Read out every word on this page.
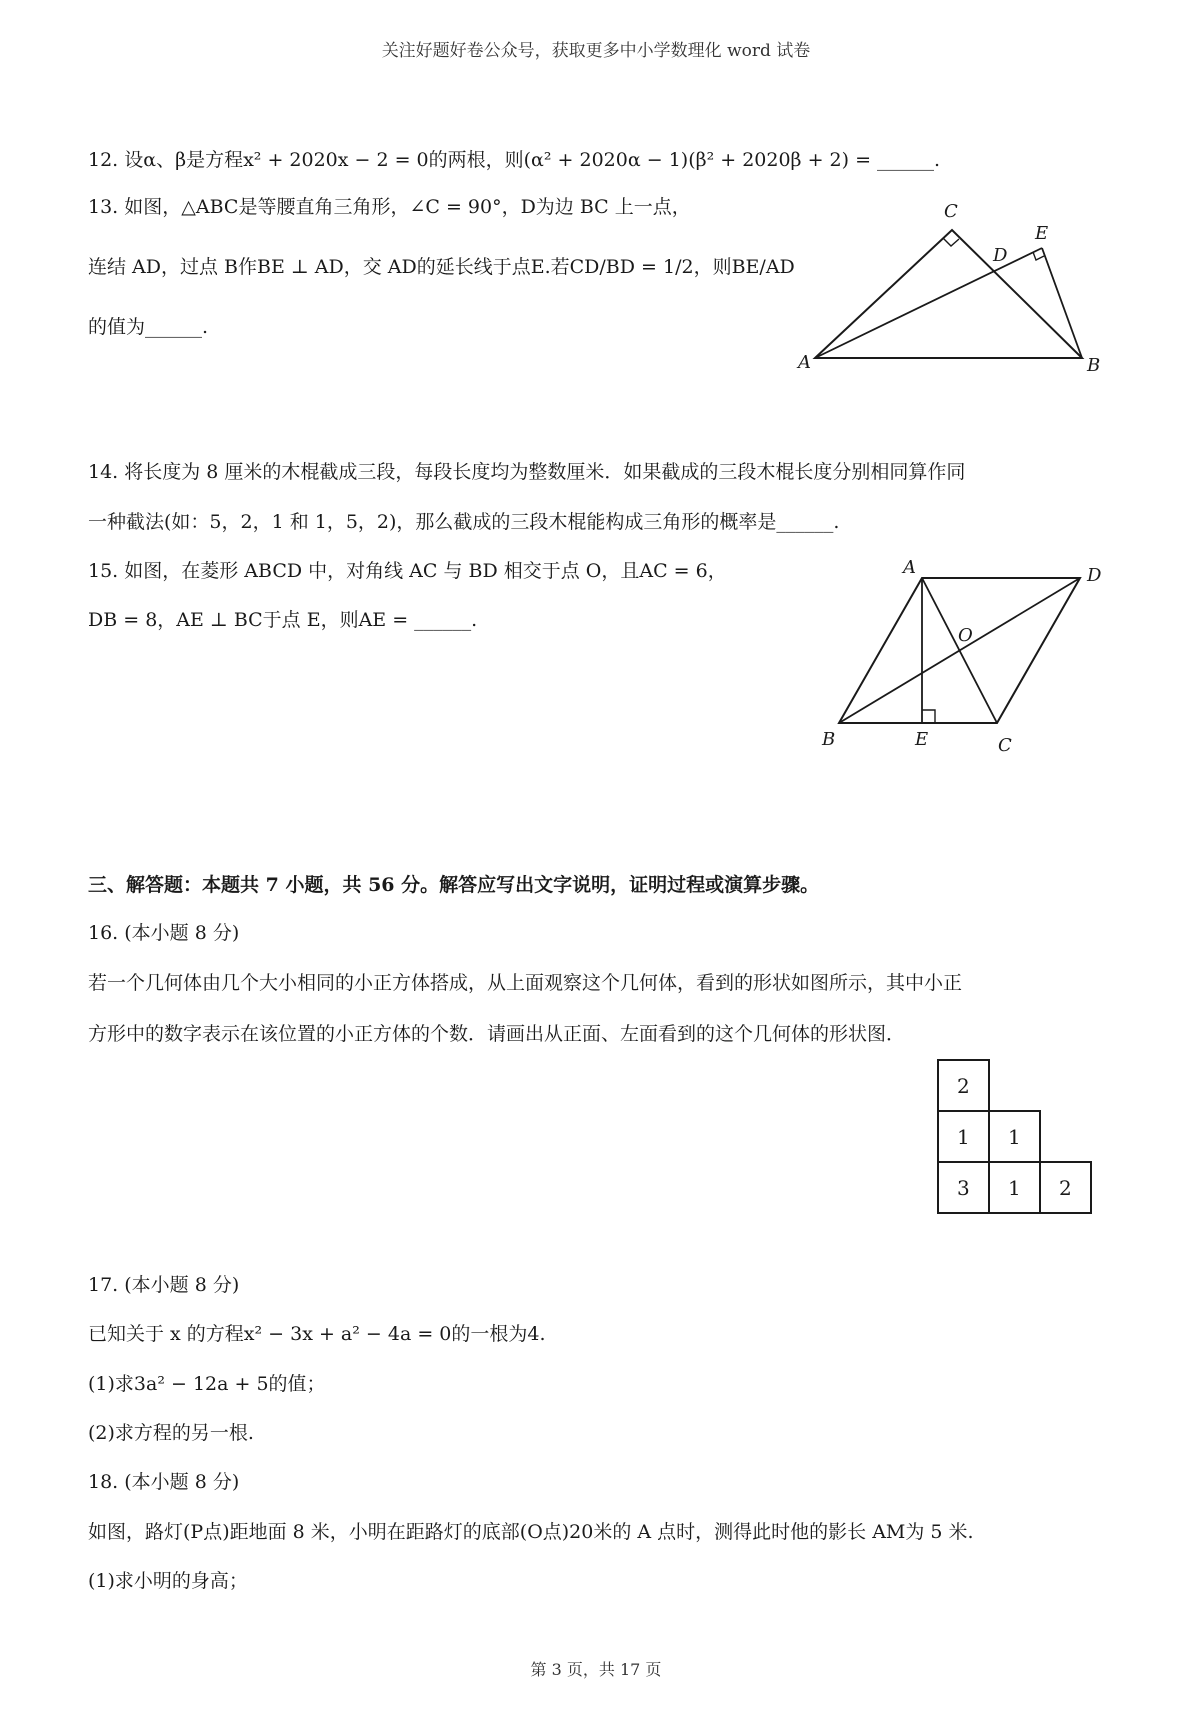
关注好题好卷公众号，获取更多中小学数理化 word 试卷
12. 设α、β是方程x² + 2020x − 2 = 0的两根，则(α² + 2020α − 1)(β² + 2020β + 2) = ______.
13. 如图，△ABC是等腰直角三角形，∠C = 90°，D为边 BC 上一点，
连结 AD，过点 B作BE ⊥ AD，交 AD的延长线于点E.若CD/BD = 1/2，则BE/AD
的值为______.
C
D
E
A	B
14. 将长度为 8 厘米的木棍截成三段，每段长度均为整数厘米．如果截成的三段木棍长度分别相同算作同
一种截法(如：5，2，1 和 1，5，2)，那么截成的三段木棍能构成三角形的概率是______.
15. 如图，在菱形 ABCD 中，对角线 AC 与 BD 相交于点 O，且AC = 6，
DB = 8，AE ⊥ BC于点 E，则AE = ______.
A	D
O
B	E	C
三、解答题：本题共 7 小题，共 56 分。解答应写出文字说明，证明过程或演算步骤。
16. (本小题 8 分)
若一个几何体由几个大小相同的小正方体搭成，从上面观察这个几何体，看到的形状如图所示，其中小正
方形中的数字表示在该位置的小正方体的个数．请画出从正面、左面看到的这个几何体的形状图．
2
1 1
3 1 2
17. (本小题 8 分)
已知关于 x 的方程x² − 3x + a² − 4a = 0的一根为4.
(1)求3a² − 12a + 5的值；
(2)求方程的另一根.
18. (本小题 8 分)
如图，路灯(P点)距地面 8 米，小明在距路灯的底部(O点)20米的 A 点时，测得此时他的影长 AM为 5 米.
(1)求小明的身高；
第 3 页，共 17 页
